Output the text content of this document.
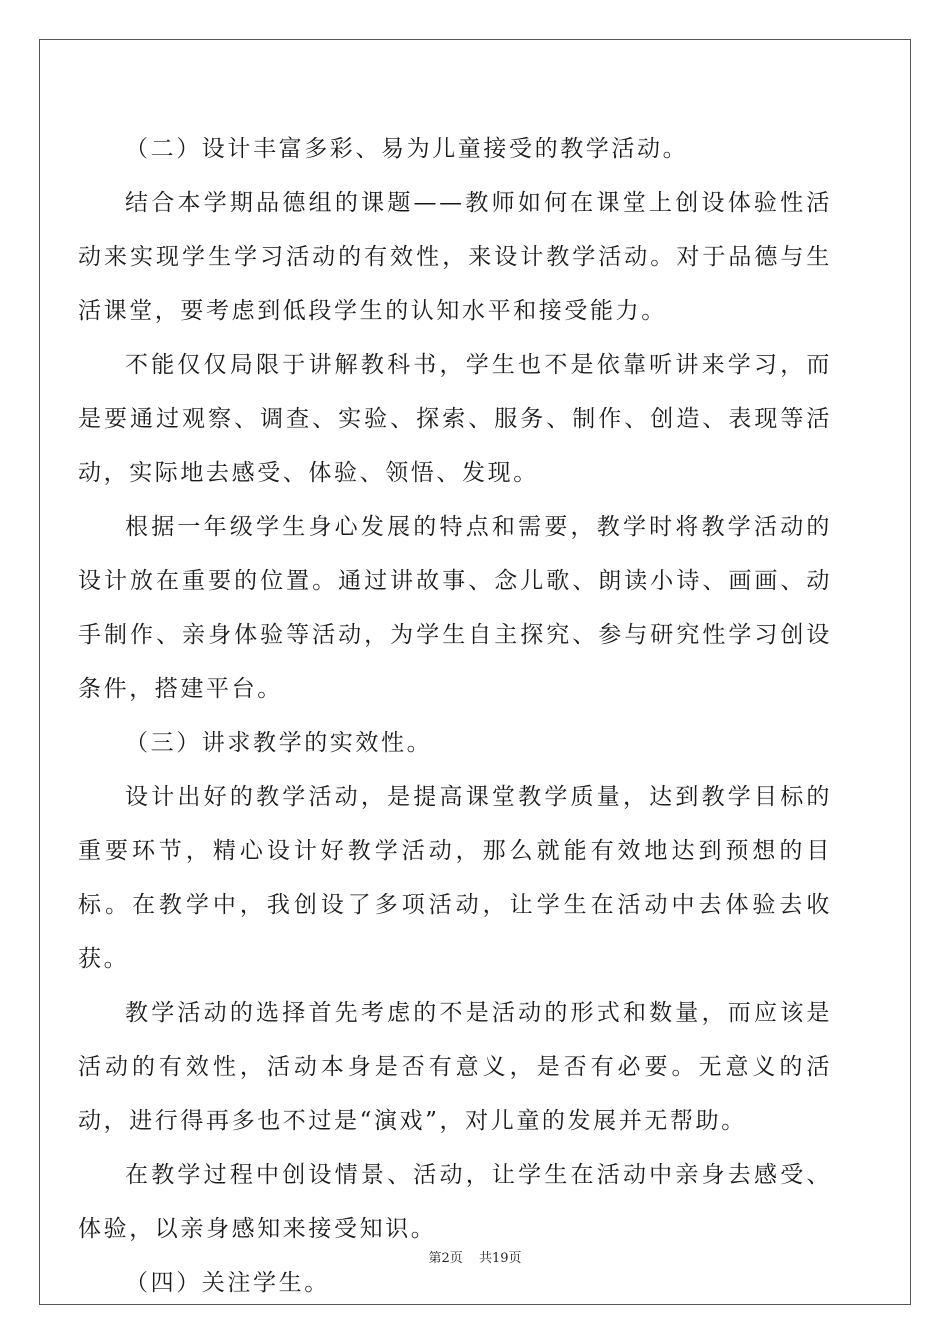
（二）设计丰富多彩、易为儿童接受的教学活动。

结合本学期品德组的课题——教师如何在课堂上创设体验性活动来实现学生学习活动的有效性，来设计教学活动。对于品德与生活课堂，要考虑到低段学生的认知水平和接受能力。

不能仅仅局限于讲解教科书，学生也不是依靠听讲来学习，而是要通过观察、调查、实验、探索、服务、制作、创造、表现等活动，实际地去感受、体验、领悟、发现。

根据一年级学生身心发展的特点和需要，教学时将教学活动的设计放在重要的位置。通过讲故事、念儿歌、朗读小诗、画画、动手制作、亲身体验等活动，为学生自主探究、参与研究性学习创设条件，搭建平台。

（三）讲求教学的实效性。

设计出好的教学活动，是提高课堂教学质量，达到教学目标的重要环节，精心设计好教学活动，那么就能有效地达到预想的目标。在教学中，我创设了多项活动，让学生在活动中去体验去收获。

教学活动的选择首先考虑的不是活动的形式和数量，而应该是活动的有效性，活动本身是否有意义，是否有必要。无意义的活动，进行得再多也不过是“演戏”，对儿童的发展并无帮助。

在教学过程中创设情景、活动，让学生在活动中亲身去感受、体验，以亲身感知来接受知识。

（四）关注学生。

第2页 共19页
